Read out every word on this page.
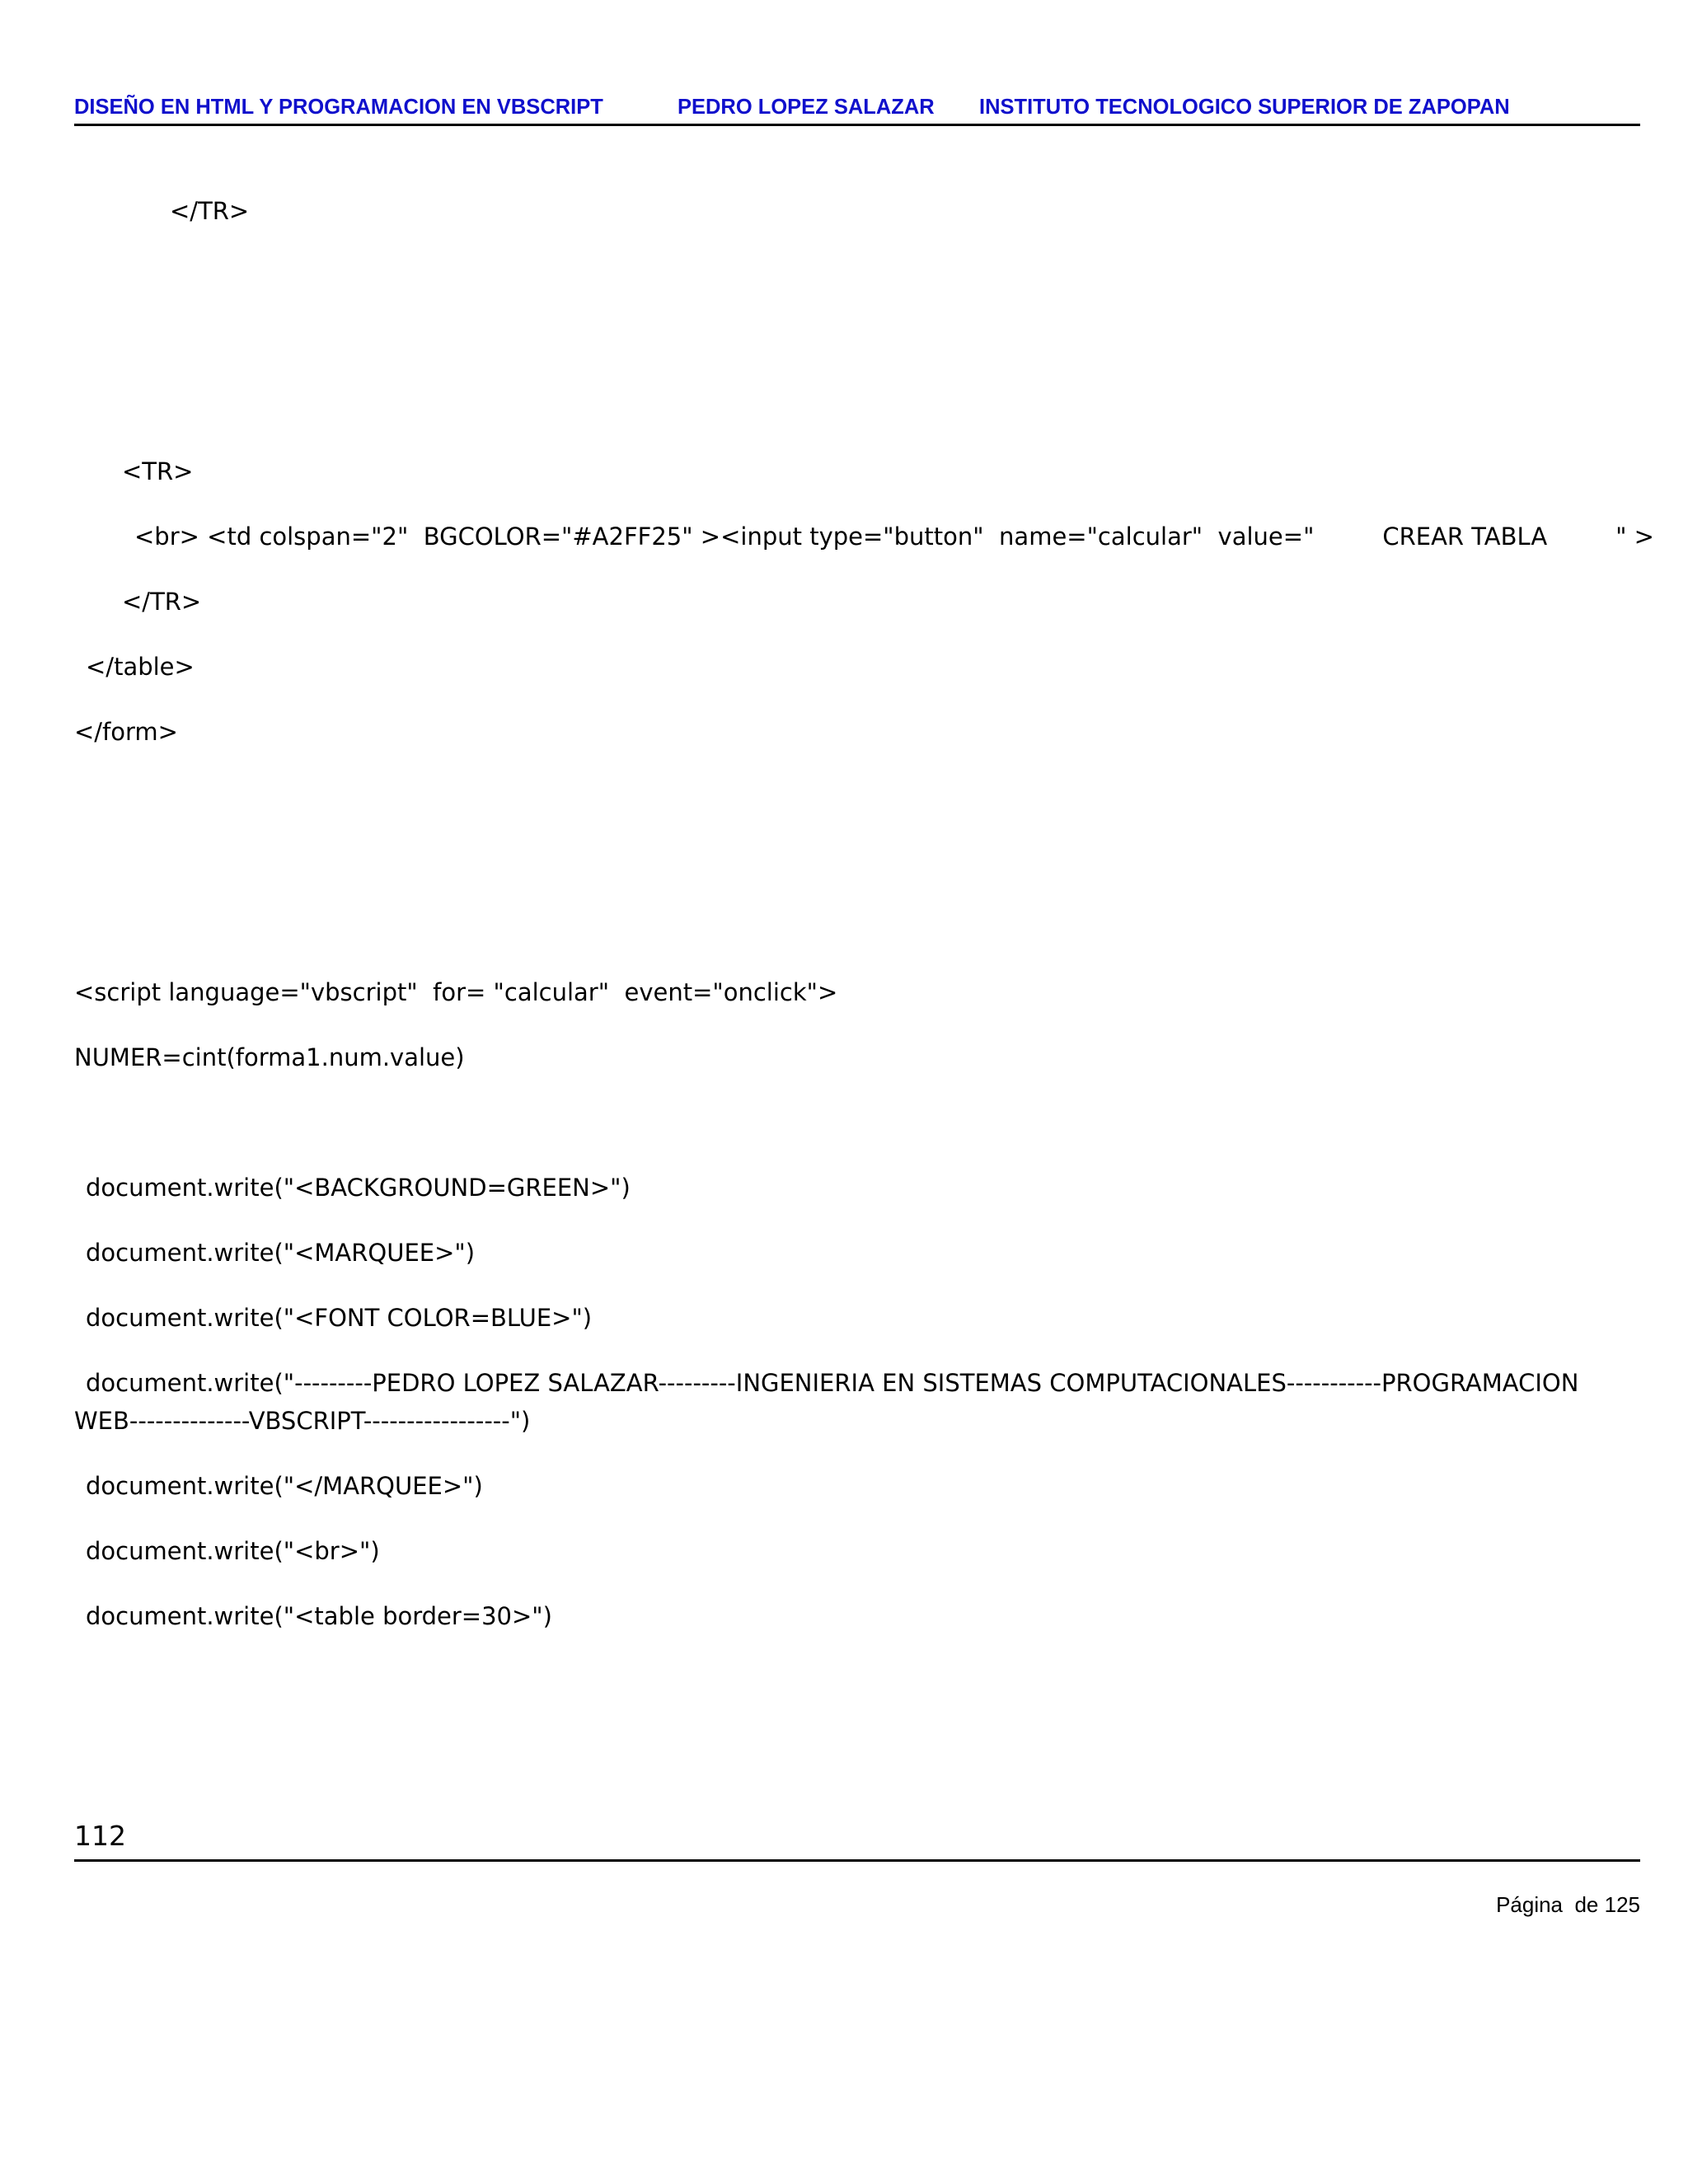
DISEÑO EN HTML Y PROGRAMACION EN VBSCRIPT	PEDRO LOPEZ SALAZAR INSTITUTO TECNOLOGICO SUPERIOR DE ZAPOPAN
</TR>
<TR>
<br> <td colspan="2"  BGCOLOR="#A2FF25" ><input type="button"  name="calcular"  value="         CREAR TABLA         " >
</TR>
</table>
</form>
<script language="vbscript"  for= "calcular"  event="onclick">
NUMER=cint(forma1.num.value)
document.write("<BACKGROUND=GREEN>")
document.write("<MARQUEE>")
document.write("<FONT COLOR=BLUE>")
document.write("---------PEDRO LOPEZ SALAZAR---------INGENIERIA EN SISTEMAS COMPUTACIONALES-----------PROGRAMACION WEB--------------VBSCRIPT-----------------")
document.write("</MARQUEE>")
document.write("<br>")
document.write("<table border=30>")
112
Página  de 125
